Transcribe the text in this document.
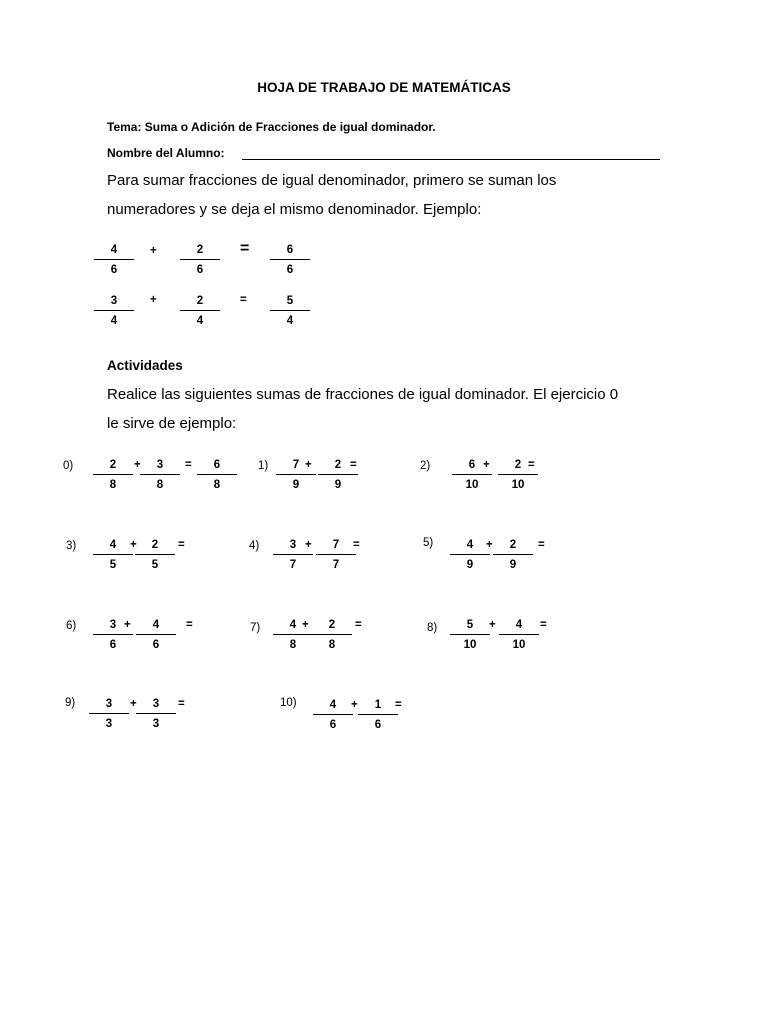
HOJA DE TRABAJO DE MATEMÁTICAS
Tema: Suma o Adición de Fracciones de igual dominador.
Nombre del Alumno:
Para sumar fracciones de igual denominador, primero se suman los
numeradores y se deja el mismo denominador. Ejemplo:
4
6
+	2
6
=	6
6
3
4
+	2
4
=	5
4
Actividades
Realice las siguientes sumas de fracciones de igual dominador. El ejercicio 0
le sirve de ejemplo:
0)	2
8
+	3
8
=	6
8
1)	7
9
+	2
9
=	2)	6
10
+	2
10
=
3)	4
5
+	2
5
=	4)	3
7
+	7
7
=	5)	4
9
+	2
9
=
6)	3
6
+	4
6
=	7)	4
8
+	2
8
=	8)	5
10
+	4
10
=
9)	3
3
+	3
3
=	10)	4
6
+	1
6
=
